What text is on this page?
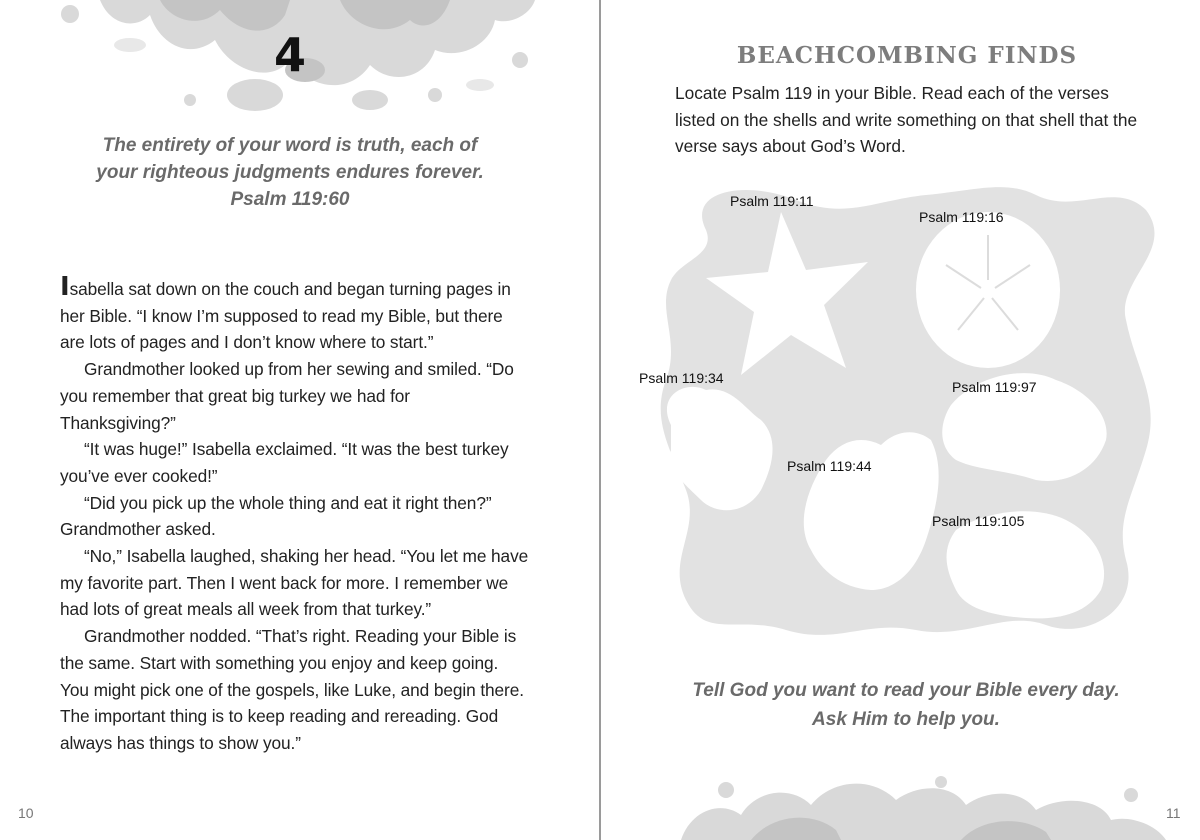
4
The entirety of your word is truth, each of
your righteous judgments endures forever.
Psalm 119:60

Isabella sat down on the couch and began turning pages in her Bible. “I know I’m supposed to read my Bible, but there are lots of pages and I don’t know where to start.”

Grandmother looked up from her sewing and smiled. “Do you remember that great big turkey we had for Thanksgiving?”

“It was huge!” Isabella exclaimed. “It was the best turkey you’ve ever cooked!”

“Did you pick up the whole thing and eat it right then?” Grandmother asked.

“No,” Isabella laughed, shaking her head. “You let me have my favorite part. Then I went back for more. I remember we had lots of great meals all week from that turkey.”

Grandmother nodded. “That’s right. Reading your Bible is the same. Start with something you enjoy and keep going. You might pick one of the gospels, like Luke, and begin there. The important thing is to keep reading and rereading. God always has things to show you.”

10
BEACHCOMBING FINDS
Locate Psalm 119 in your Bible. Read each of the verses listed on the shells and write something on that shell that the verse says about God’s Word.
Psalm 119:11
Psalm 119:16
Psalm 119:34
Psalm 119:97
Psalm 119:44
Psalm 119:105
Tell God you want to read your Bible every day.
Ask Him to help you.
11
